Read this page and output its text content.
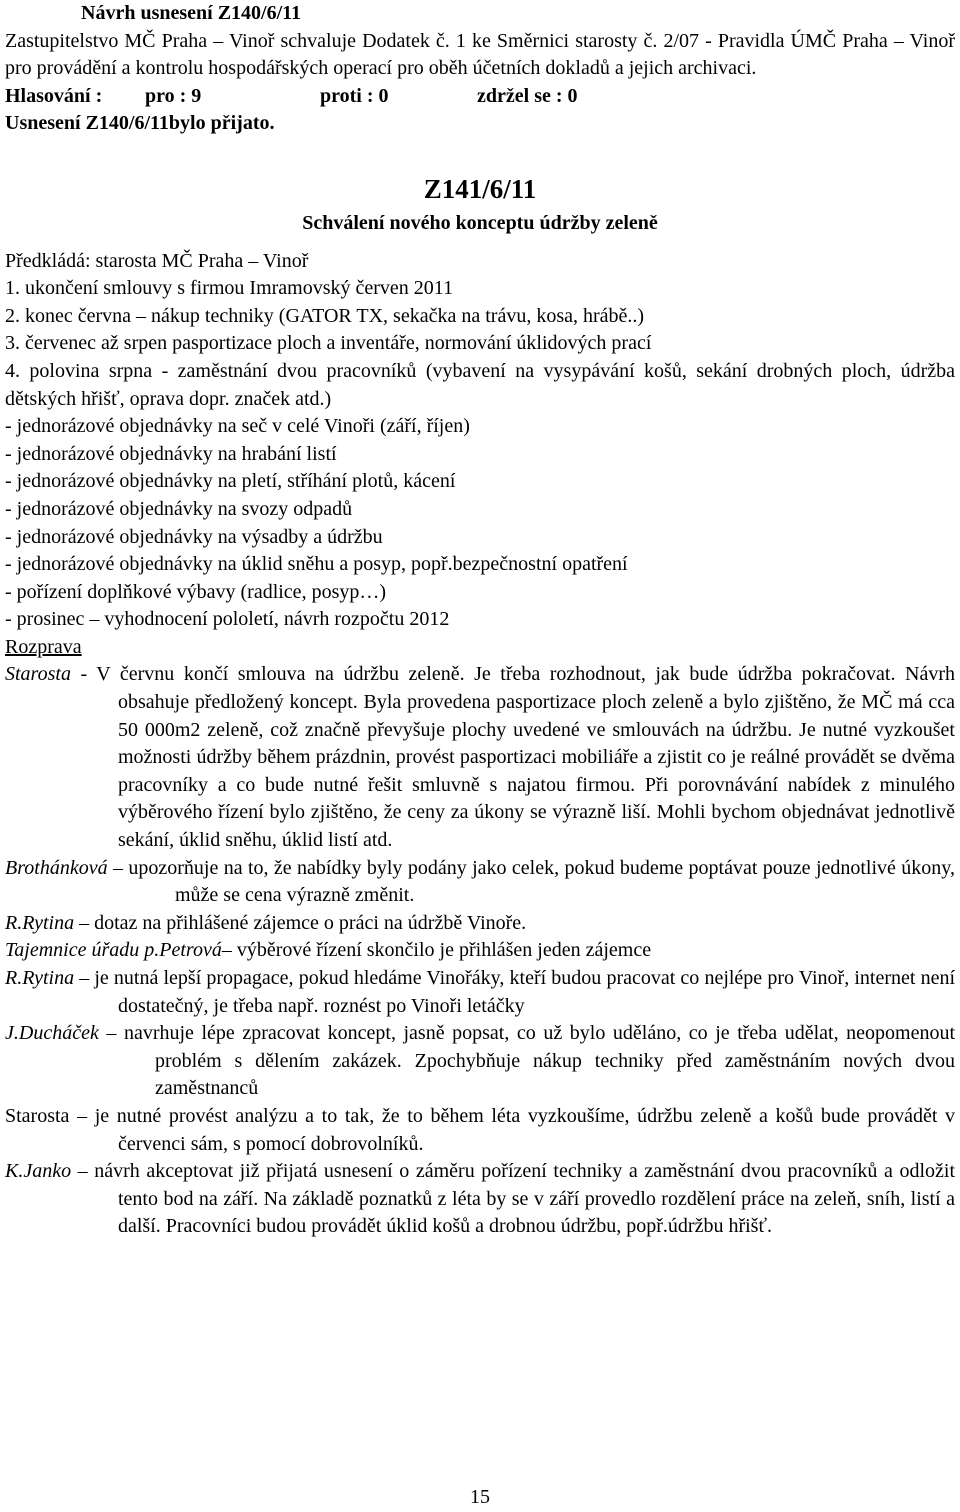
Návrh usnesení Z140/6/11

Zastupitelstvo MČ Praha – Vinoř schvaluje Dodatek č. 1 ke Směrnici starosty č. 2/07 - Pravidla ÚMČ Praha – Vinoř pro provádění a kontrolu hospodářských operací pro oběh účetních dokladů a jejich archivaci.

Hlasování : pro : 9	proti : 0	zdržel se : 0

Usnesení Z140/6/11bylo přijato.

Z141/6/11

Schválení nového konceptu údržby zeleně

Předkládá: starosta MČ Praha – Vinoř

1. ukončení smlouvy s firmou Imramovský červen 2011

2. konec června – nákup techniky (GATOR TX, sekačka na trávu, kosa, hrábě..)

3. červenec až srpen pasportizace ploch a inventáře, normování úklidových prací

4. polovina srpna - zaměstnání dvou pracovníků (vybavení na vysypávání košů, sekání drobných ploch, údržba dětských hřišť, oprava dopr. značek atd.)

- jednorázové objednávky na seč v celé Vinoři (září, říjen)

- jednorázové objednávky na hrabání listí

- jednorázové objednávky na pletí, stříhání plotů, kácení

- jednorázové objednávky na svozy odpadů

- jednorázové objednávky na výsadby a údržbu

- jednorázové objednávky na úklid sněhu a posyp, popř.bezpečnostní opatření

- pořízení doplňkové výbavy (radlice, posyp…)

- prosinec – vyhodnocení pololetí, návrh rozpočtu 2012

Rozprava

Starosta - V červnu končí smlouva na údržbu zeleně. Je třeba rozhodnout, jak bude údržba pokračovat. Návrh obsahuje předložený koncept. Byla provedena pasportizace ploch zeleně a bylo zjištěno, že MČ má cca 50 000m2 zeleně, což značně převyšuje plochy uvedené ve smlouvách na údržbu. Je nutné vyzkoušet možnosti údržby během prázdnin, provést pasportizaci mobiliáře a zjistit co je reálné provádět se dvěma pracovníky a co bude nutné řešit smluvně s najatou firmou. Při porovnávání nabídek z minulého výběrového řízení bylo zjištěno, že ceny za úkony se výrazně liší. Mohli bychom objednávat jednotlivě sekání, úklid sněhu, úklid listí atd.

Brothánková – upozorňuje na to, že nabídky byly podány jako celek, pokud budeme poptávat pouze jednotlivé úkony, může se cena výrazně změnit.

R.Rytina – dotaz na přihlášené zájemce o práci na údržbě Vinoře.

Tajemnice úřadu p.Petrová– výběrové řízení skončilo je přihlášen jeden zájemce

R.Rytina – je nutná lepší propagace, pokud hledáme Vinořáky, kteří budou pracovat co nejlépe pro Vinoř, internet není dostatečný, je třeba např. roznést po Vinoři letáčky

J.Ducháček – navrhuje lépe zpracovat koncept, jasně popsat, co už bylo uděláno, co je třeba udělat, neopomenout problém s dělením zakázek. Zpochybňuje nákup techniky před zaměstnáním nových dvou zaměstnanců

Starosta – je nutné provést analýzu a to tak, že to během léta vyzkoušíme, údržbu zeleně a košů bude provádět v červenci sám, s pomocí dobrovolníků.

K.Janko – návrh akceptovat již přijatá usnesení o záměru pořízení techniky a zaměstnání dvou pracovníků a odložit tento bod na září. Na základě poznatků z léta by se v září provedlo rozdělení práce na zeleň, sníh, listí a další. Pracovníci budou provádět úklid košů a drobnou údržbu, popř.údržbu hřišť.

15
